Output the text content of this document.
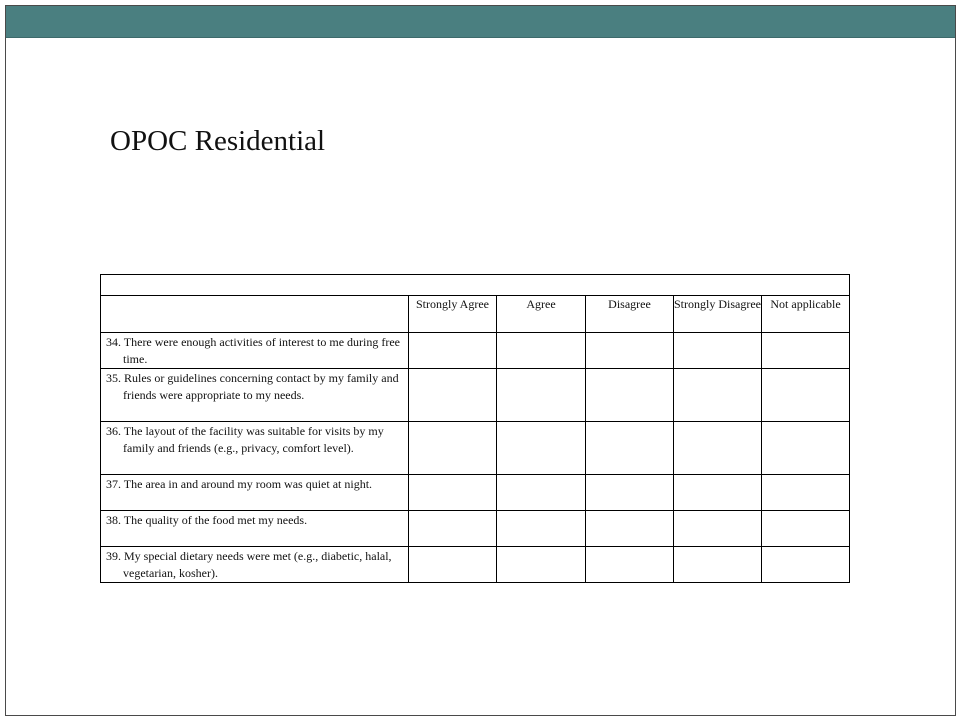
OPOC Residential

	Strongly Agree	Agree	Disagree	Strongly Disagree	Not applicable
34. There were enough activities of interest to me during free time.					
35. Rules or guidelines concerning contact by my family and friends were appropriate to my needs.					
36. The layout of the facility was suitable for visits by my family and friends (e.g., privacy, comfort level).					
37. The area in and around my room was quiet at night.					
38. The quality of the food met my needs.					
39. My special dietary needs were met (e.g., diabetic, halal, vegetarian, kosher).					
